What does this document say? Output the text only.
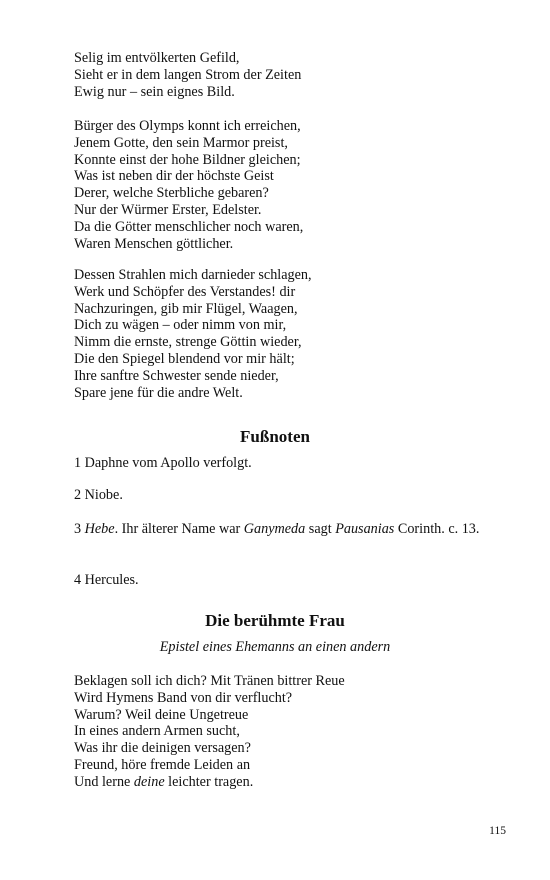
Selig im entvölkerten Gefild,
Sieht er in dem langen Strom der Zeiten
Ewig nur – sein eignes Bild.
Bürger des Olymps konnt ich erreichen,
Jenem Gotte, den sein Marmor preist,
Konnte einst der hohe Bildner gleichen;
Was ist neben dir der höchste Geist
Derer, welche Sterbliche gebaren?
Nur der Würmer Erster, Edelster.
Da die Götter menschlicher noch waren,
Waren Menschen göttlicher.
Dessen Strahlen mich darnieder schlagen,
Werk und Schöpfer des Verstandes! dir
Nachzuringen, gib mir Flügel, Waagen,
Dich zu wägen – oder nimm von mir,
Nimm die ernste, strenge Göttin wieder,
Die den Spiegel blendend vor mir hält;
Ihre sanftre Schwester sende nieder,
Spare jene für die andre Welt.
Fußnoten

1 Daphne vom Apollo verfolgt.

2 Niobe.

3 Hebe. Ihr älterer Name war Ganymeda sagt Pausanias Corinth. c. 13.

4 Hercules.

Die berühmte Frau

Epistel eines Ehemanns an einen andern

Beklagen soll ich dich? Mit Tränen bittrer Reue
Wird Hymens Band von dir verflucht?
Warum? Weil deine Ungetreue
In eines andern Armen sucht,
Was ihr die deinigen versagen?
Freund, höre fremde Leiden an
Und lerne deine leichter tragen.
115
